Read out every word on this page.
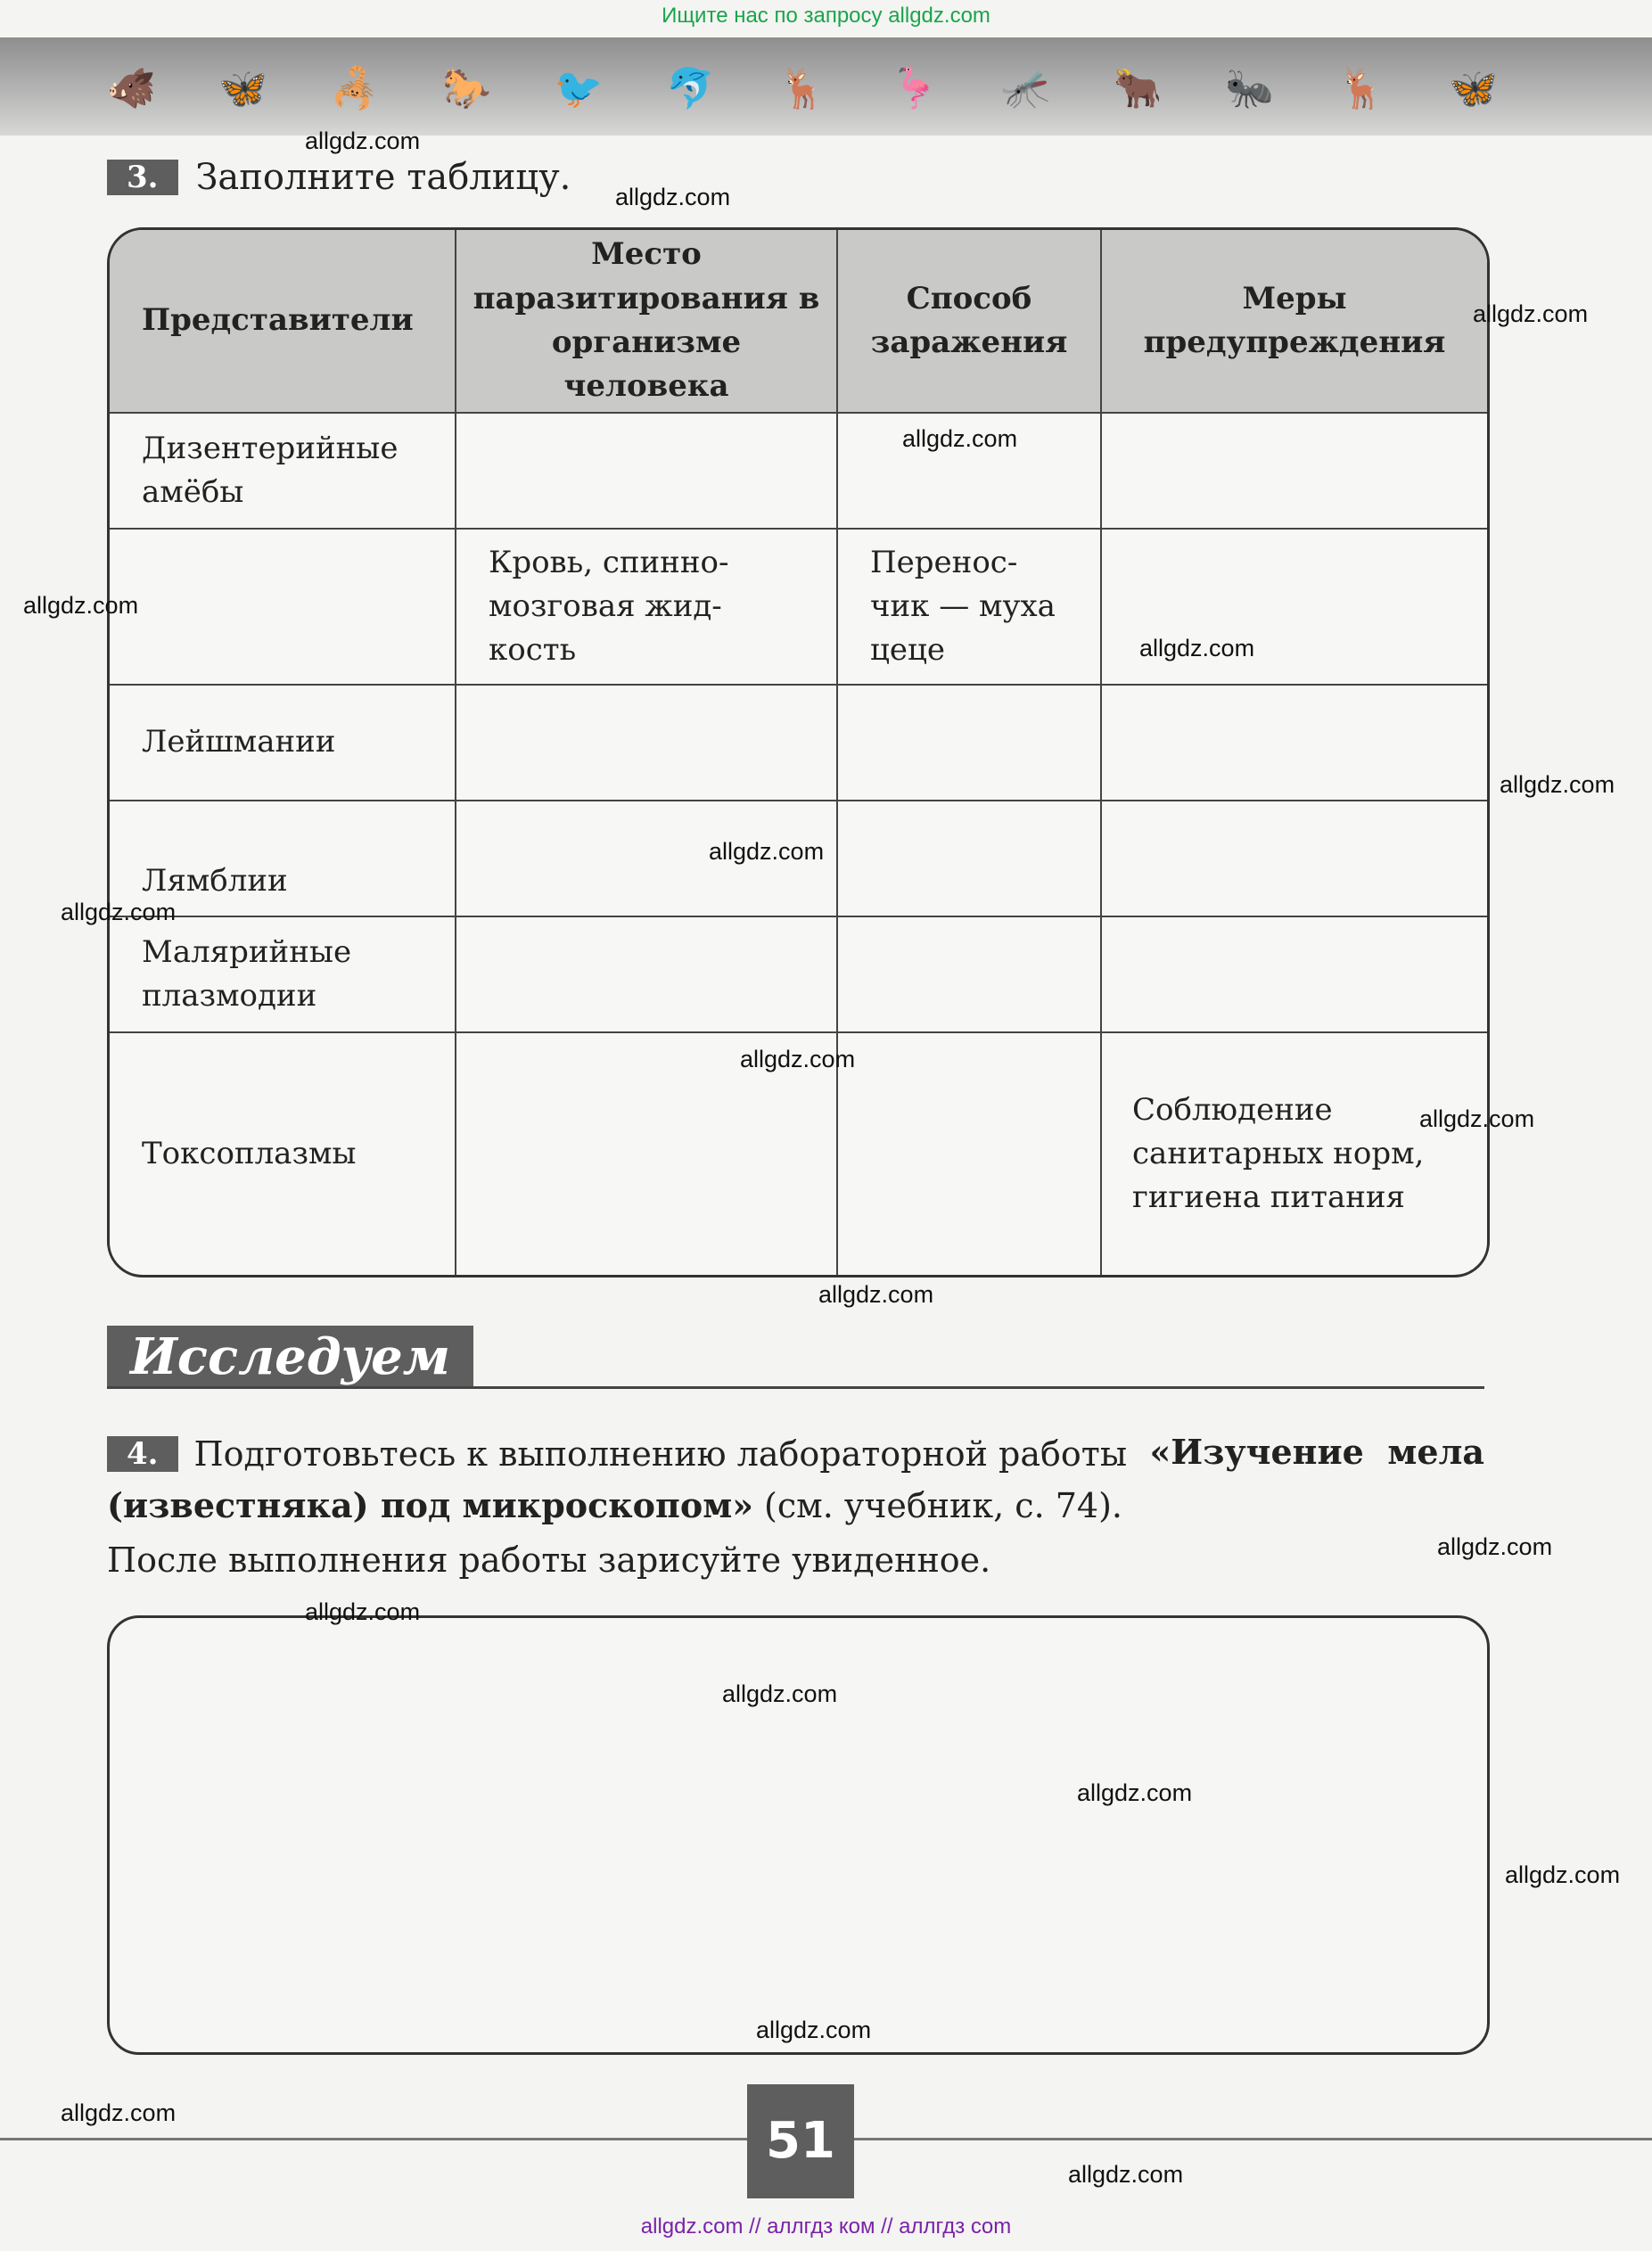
Ищите нас по запросу allgdz.com
🐗 🦋 🦂 🐎 🐦 🐬 🦌 🦩 🦟 🐂 🐜 🦌 🦋
3.	Заполните таблицу.
Представители	Место паразитирования в организме человека	Способ заражения	Меры предупреждения
Дизентерийные амёбы			
	Кровь, спинно-мозговая жид-кость	Перенос-чик — муха цеце	
Лейшмании			
Лямблии			
Малярийные плазмодии			
Токсоплазмы			Соблюдение санитарных норм, гигиена питания
Исследуем
4.	Подготовьтесь к выполнению лабораторной работы «Изучение мела (известняка) под микроскопом» (см. учебник, с. 74).
После выполнения работы зарисуйте увиденное.
51
allgdz.com
allgdz.com
allgdz.com
allgdz.com
allgdz.com
allgdz.com
allgdz.com
allgdz.com
allgdz.com
allgdz.com
allgdz.com
allgdz.com
allgdz.com
allgdz.com
allgdz.com
allgdz.com
allgdz.com
allgdz.com
allgdz.com
allgdz.com
allgdz.com // аллгдз ком // аллгдз com
